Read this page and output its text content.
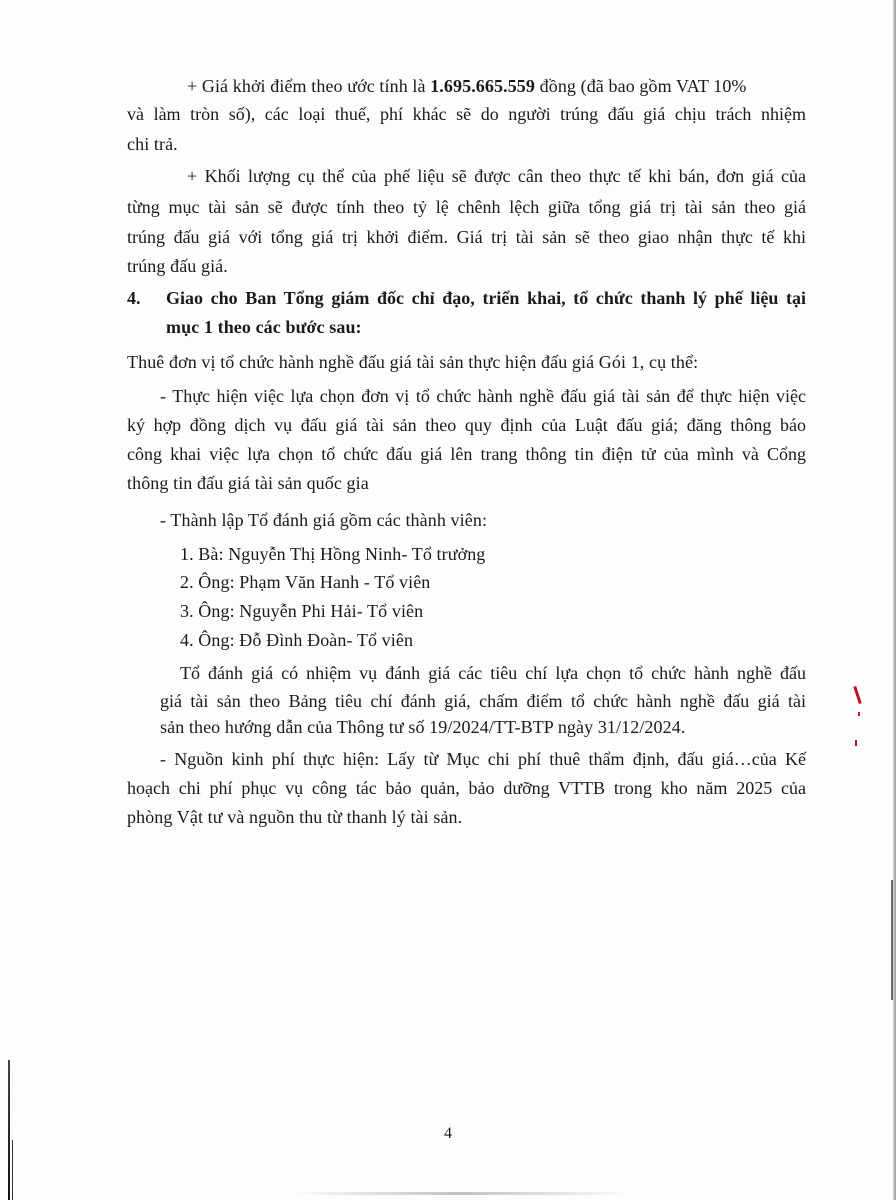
+ Giá khởi điểm theo ước tính là 1.695.665.559 đồng (đã bao gồm VAT 10%
và làm tròn số), các loại thuế, phí khác sẽ do người trúng đấu giá chịu trách nhiệm
chi trả.
+ Khối lượng cụ thể của phế liệu sẽ được cân theo thực tế khi bán, đơn giá của
từng mục tài sản sẽ được tính theo tỷ lệ chênh lệch giữa tổng giá trị tài sản theo giá
trúng đấu giá với tổng giá trị khởi điểm. Giá trị tài sản sẽ theo giao nhận thực tế khi
trúng đấu giá.
4. Giao cho Ban Tổng giám đốc chỉ đạo, triển khai, tổ chức thanh lý phế liệu tại
mục 1 theo các bước sau:
Thuê đơn vị tổ chức hành nghề đấu giá tài sản thực hiện đấu giá Gói 1, cụ thể:
- Thực hiện việc lựa chọn đơn vị tổ chức hành nghề đấu giá tài sản để thực hiện việc
ký hợp đồng dịch vụ đấu giá tài sản theo quy định của Luật đấu giá; đăng thông báo
công khai việc lựa chọn tổ chức đấu giá lên trang thông tin điện tử của mình và Cổng
thông tin đấu giá tài sản quốc gia
- Thành lập Tổ đánh giá gồm các thành viên:
1. Bà: Nguyễn Thị Hồng Ninh- Tổ trưởng
2. Ông: Phạm Văn Hanh - Tổ viên
3. Ông: Nguyễn Phi Hải- Tổ viên
4. Ông: Đỗ Đình Đoàn- Tổ viên
Tổ đánh giá có nhiệm vụ đánh giá các tiêu chí lựa chọn tổ chức hành nghề đấu
giá tài sản theo Bảng tiêu chí đánh giá, chấm điểm tổ chức hành nghề đấu giá tài
sản theo hướng dẫn của Thông tư số 19/2024/TT-BTP ngày 31/12/2024.
- Nguồn kinh phí thực hiện: Lấy từ Mục chi phí thuê thẩm định, đấu giá…của Kế
hoạch chi phí phục vụ công tác bảo quản, bảo dưỡng VTTB trong kho năm 2025 của
phòng Vật tư và nguồn thu từ thanh lý tài sản.
4
